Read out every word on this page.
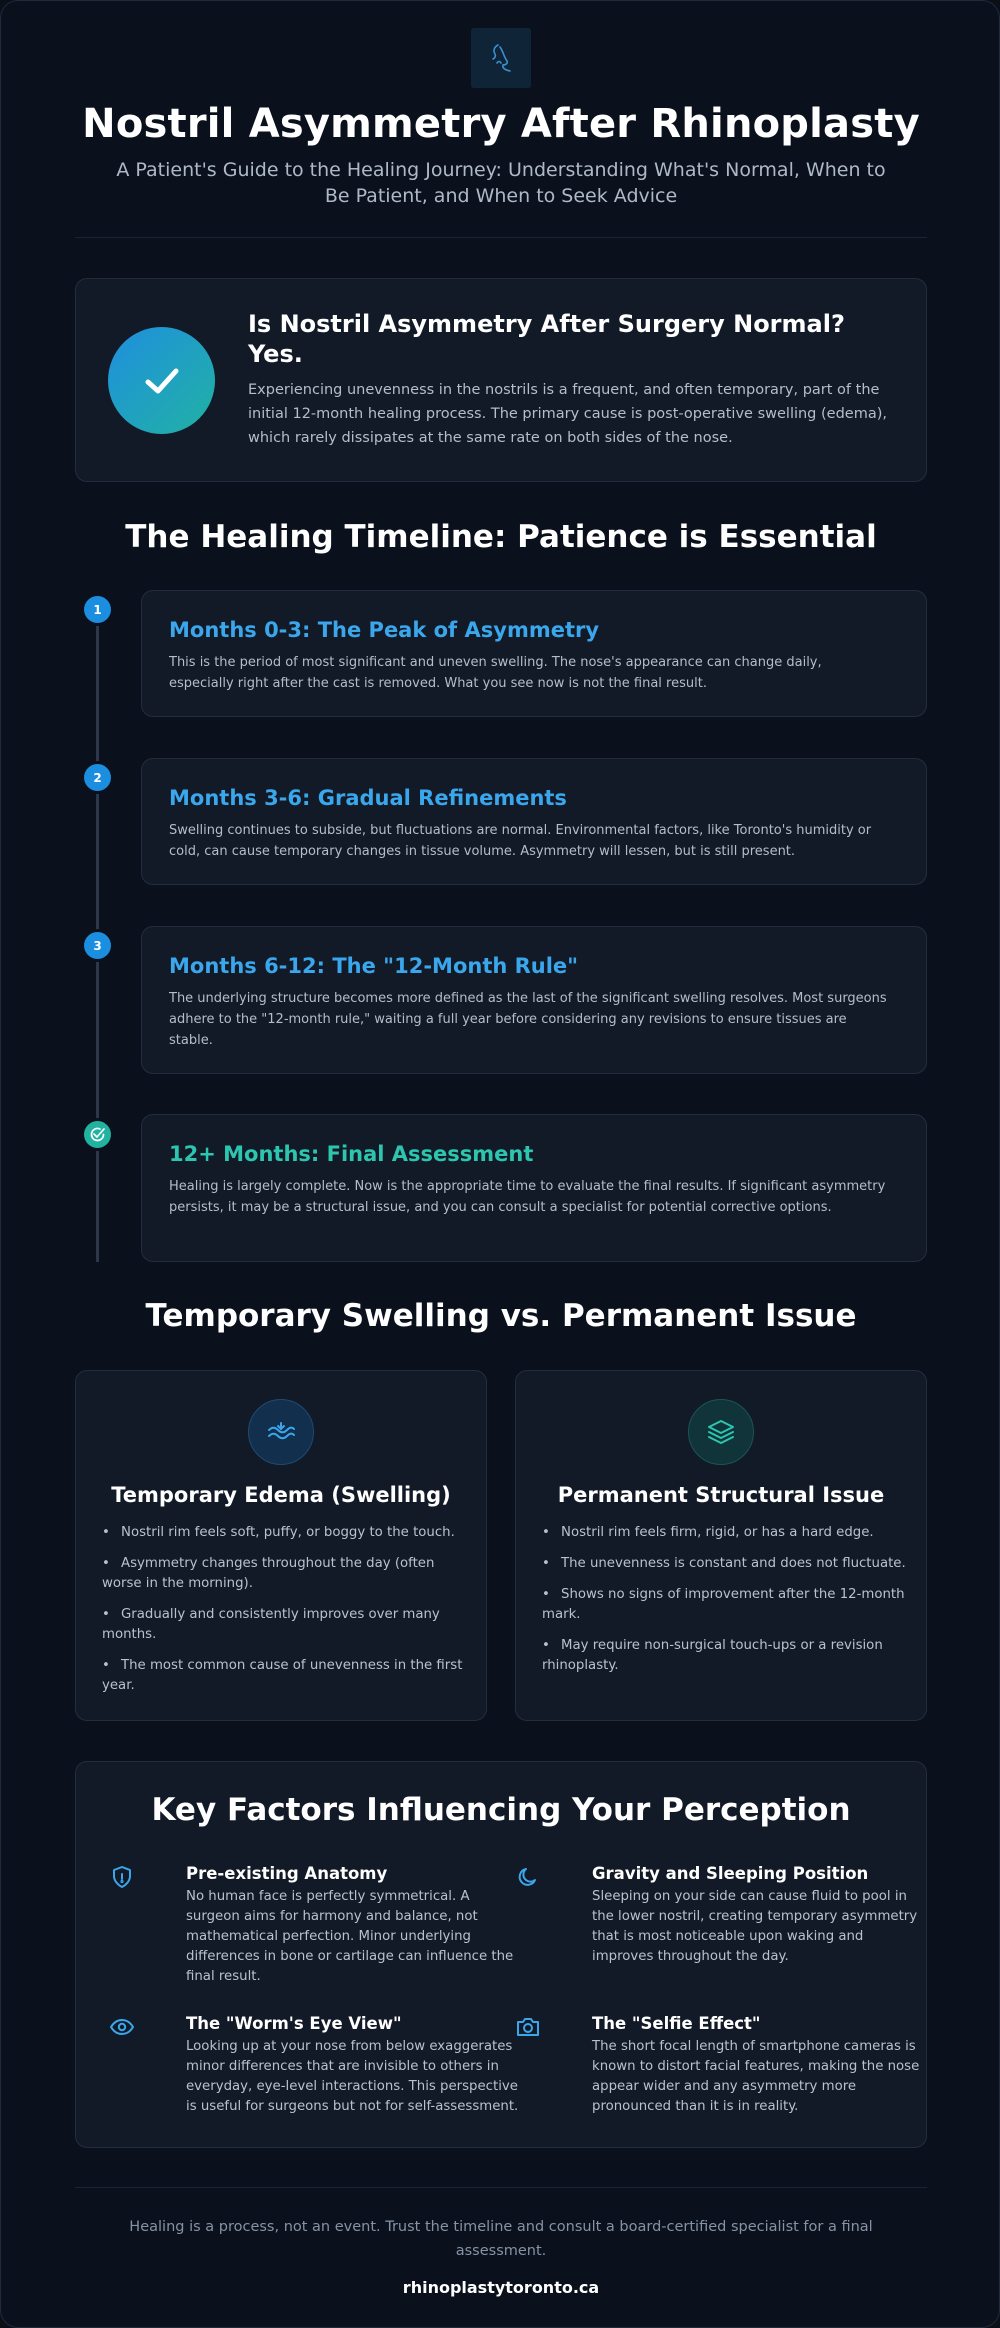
Nostril Asymmetry After Rhinoplasty
A Patient's Guide to the Healing Journey: Understanding What's Normal, When to Be Patient, and When to Seek Advice
Is Nostril Asymmetry After Surgery Normal? Yes.
Experiencing unevenness in the nostrils is a frequent, and often temporary, part of the initial 12-month healing process. The primary cause is post-operative swelling (edema), which rarely dissipates at the same rate on both sides of the nose.
The Healing Timeline: Patience is Essential
1
Months 0-3: The Peak of Asymmetry
This is the period of most significant and uneven swelling. The nose's appearance can change daily, especially right after the cast is removed. What you see now is not the final result.
2
Months 3-6: Gradual Refinements
Swelling continues to subside, but fluctuations are normal. Environmental factors, like Toronto's humidity or cold, can cause temporary changes in tissue volume. Asymmetry will lessen, but is still present.
3
Months 6-12: The "12-Month Rule"
The underlying structure becomes more defined as the last of the significant swelling resolves. Most surgeons adhere to the "12-month rule," waiting a full year before considering any revisions to ensure tissues are stable.
12+ Months: Final Assessment
Healing is largely complete. Now is the appropriate time to evaluate the final results. If significant asymmetry persists, it may be a structural issue, and you can consult a specialist for potential corrective options.
Temporary Swelling vs. Permanent Issue
Temporary Edema (Swelling)
• Nostril rim feels soft, puffy, or boggy to the touch.
• Asymmetry changes throughout the day (often worse in the morning).
• Gradually and consistently improves over many months.
• The most common cause of unevenness in the first year.
Permanent Structural Issue
• Nostril rim feels firm, rigid, or has a hard edge.
• The unevenness is constant and does not fluctuate.
• Shows no signs of improvement after the 12-month mark.
• May require non-surgical touch-ups or a revision rhinoplasty.
Key Factors Influencing Your Perception
Pre-existing Anatomy
No human face is perfectly symmetrical. A surgeon aims for harmony and balance, not mathematical perfection. Minor underlying differences in bone or cartilage can influence the final result.
Gravity and Sleeping Position
Sleeping on your side can cause fluid to pool in the lower nostril, creating temporary asymmetry that is most noticeable upon waking and improves throughout the day.
The "Worm's Eye View"
Looking up at your nose from below exaggerates minor differences that are invisible to others in everyday, eye-level interactions. This perspective is useful for surgeons but not for self-assessment.
The "Selfie Effect"
The short focal length of smartphone cameras is known to distort facial features, making the nose appear wider and any asymmetry more pronounced than it is in reality.
Healing is a process, not an event. Trust the timeline and consult a board-certified specialist for a final assessment.
rhinoplastytoronto.ca
